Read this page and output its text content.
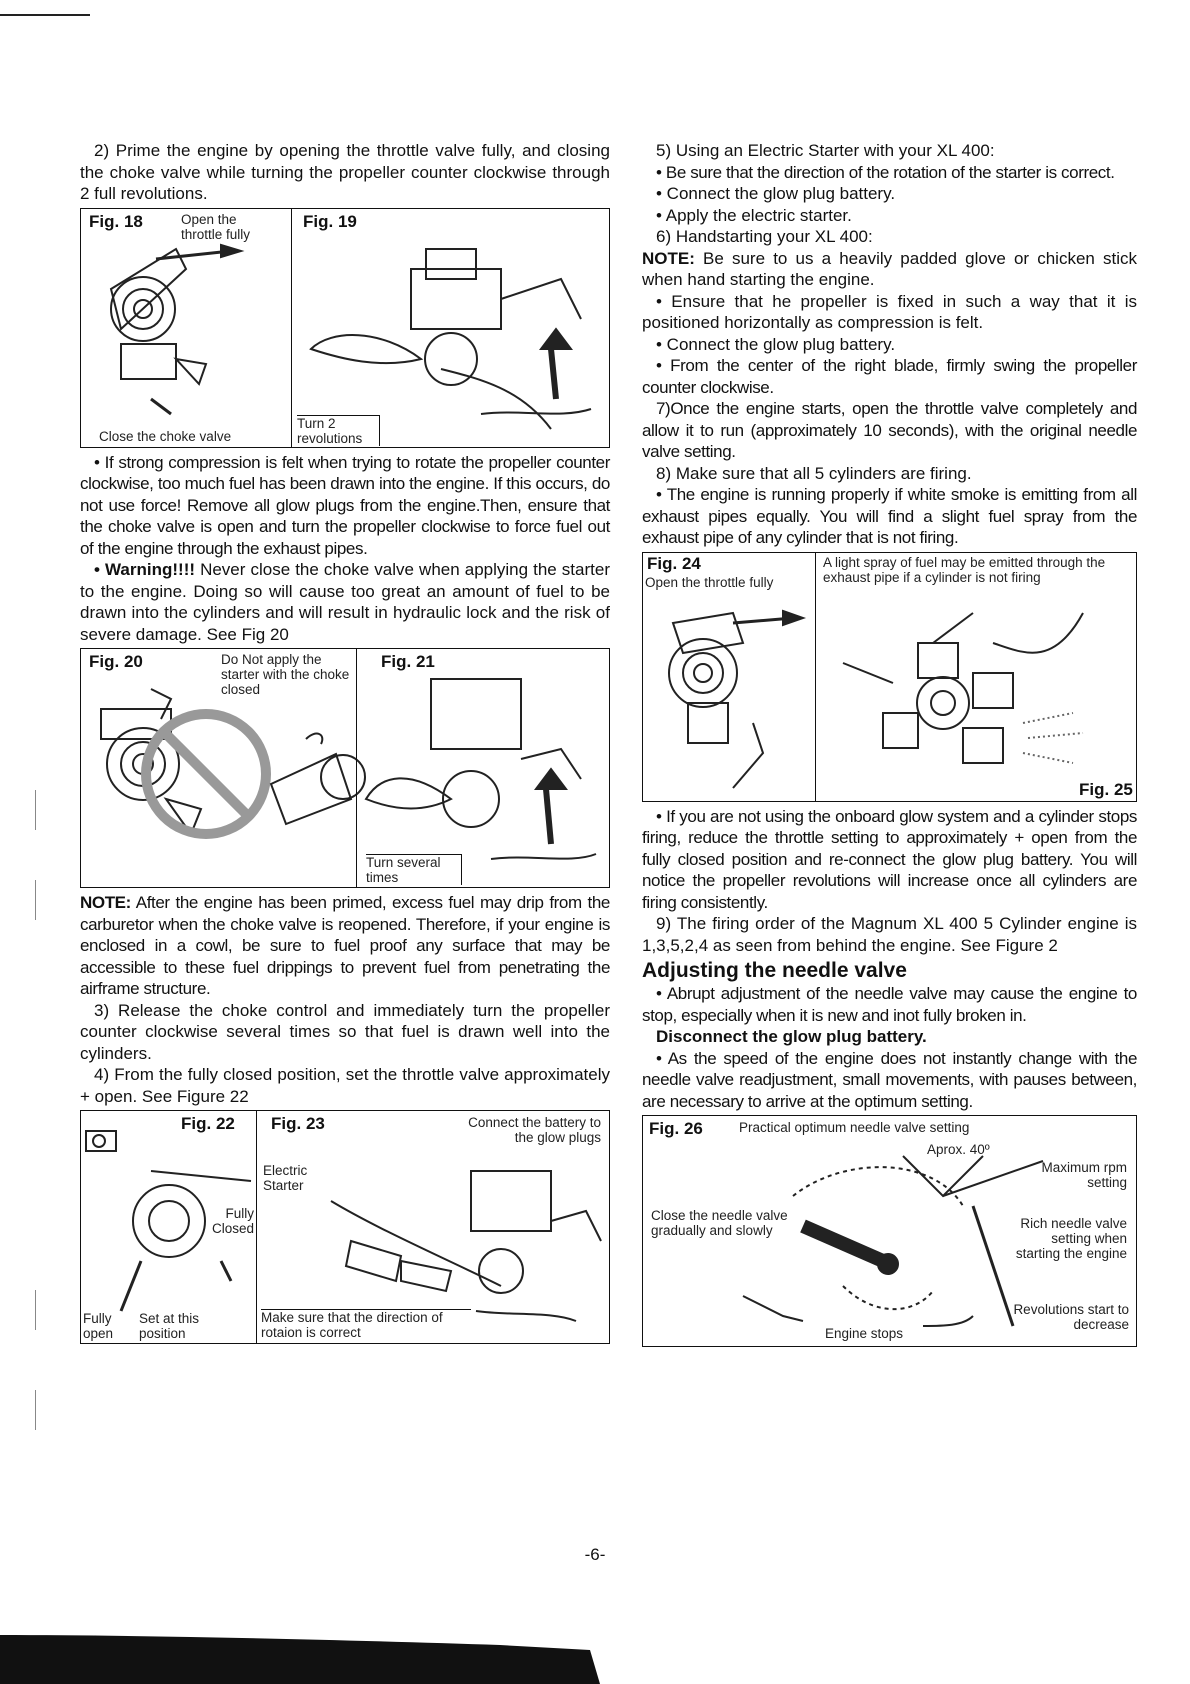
2) Prime the engine by opening the throttle valve fully, and closing the choke valve while turning the propeller counter clockwise through 2 full revolutions.

Fig. 18	Open the throttle fully
Close the choke valve
Fig. 19
Turn 2 revolutions

• If strong compression is felt when trying to rotate the propeller counter clockwise, too much fuel has been drawn into the engine. If this occurs, do not use force! Remove all glow plugs from the engine.Then, ensure that the choke valve is open and turn the propeller clockwise to force fuel out of the engine through the exhaust pipes.

• Warning!!!! Never close the choke valve when applying the starter to the engine. Doing so will cause too great an amount of fuel to be drawn into the cylinders and will result in hydraulic lock and the risk of severe damage. See Fig 20

Fig. 20	Do Not apply the starter with the choke closed
Fig. 21
Turn several times

NOTE: After the engine has been primed, excess fuel may drip from the carburetor when the choke valve is reopened. Therefore, if your engine is enclosed in a cowl, be sure to fuel proof any surface that may be accessible to these fuel drippings to prevent fuel from penetrating the airframe structure.

3) Release the choke control and immediately turn the propeller counter clockwise several times so that fuel is drawn well into the cylinders.

4) From the fully closed position, set the throttle valve approximately + open. See Figure 22

Fig. 22
Fully Closed
Fully open
Set at this position
Fig. 23	Connect the battery to the glow plugs
Electric Starter
Make sure that the direction of rotaion is correct

5) Using an Electric Starter with your XL 400:

• Be sure that the direction of the rotation of the starter is correct.

• Connect the glow plug battery.

• Apply the electric starter.

6) Handstarting your XL 400:

NOTE: Be sure to us a heavily padded glove or chicken stick when hand starting the engine.

• Ensure that he propeller is fixed in such a way that it is positioned horizontally as compression is felt.

• Connect the glow plug battery.

• From the center of the right blade, firmly swing the propeller counter clockwise.

7)Once the engine starts, open the throttle valve completely and allow it to run (approximately 10 seconds), with the original needle valve setting.

8) Make sure that all 5 cylinders are firing.

• The engine is running properly if white smoke is emitting from all exhaust pipes equally. You will find a slight fuel spray from the exhaust pipe of any cylinder that is not firing.

Fig. 24
Open the throttle fully
A light spray of fuel may be emitted through the exhaust pipe if a cylinder is not firing
Fig. 25

• If you are not using the onboard glow system and a cylinder stops firing, reduce the throttle setting to approximately + open from the fully closed position and re-connect the glow plug battery. You will notice the propeller revolutions will increase once all cylinders are firing consistently.

9) The firing order of the Magnum XL 400 5 Cylinder engine is 1,3,5,2,4 as seen from behind the engine. See Figure 2

Adjusting the needle valve

• Abrupt adjustment of the needle valve may cause the engine to stop, especially when it is new and inot fully broken in.

Disconnect the glow plug battery.

• As the speed of the engine does not instantly change with the needle valve readjustment, small movements, with pauses between, are necessary to arrive at the optimum setting.

Fig. 26	Practical optimum needle valve setting
Aprox. 40º
Maximum rpm setting
Close the needle valve gradually and slowly	Rich needle valve setting when starting the engine
Revolutions start to decrease
Engine stops
-6-
